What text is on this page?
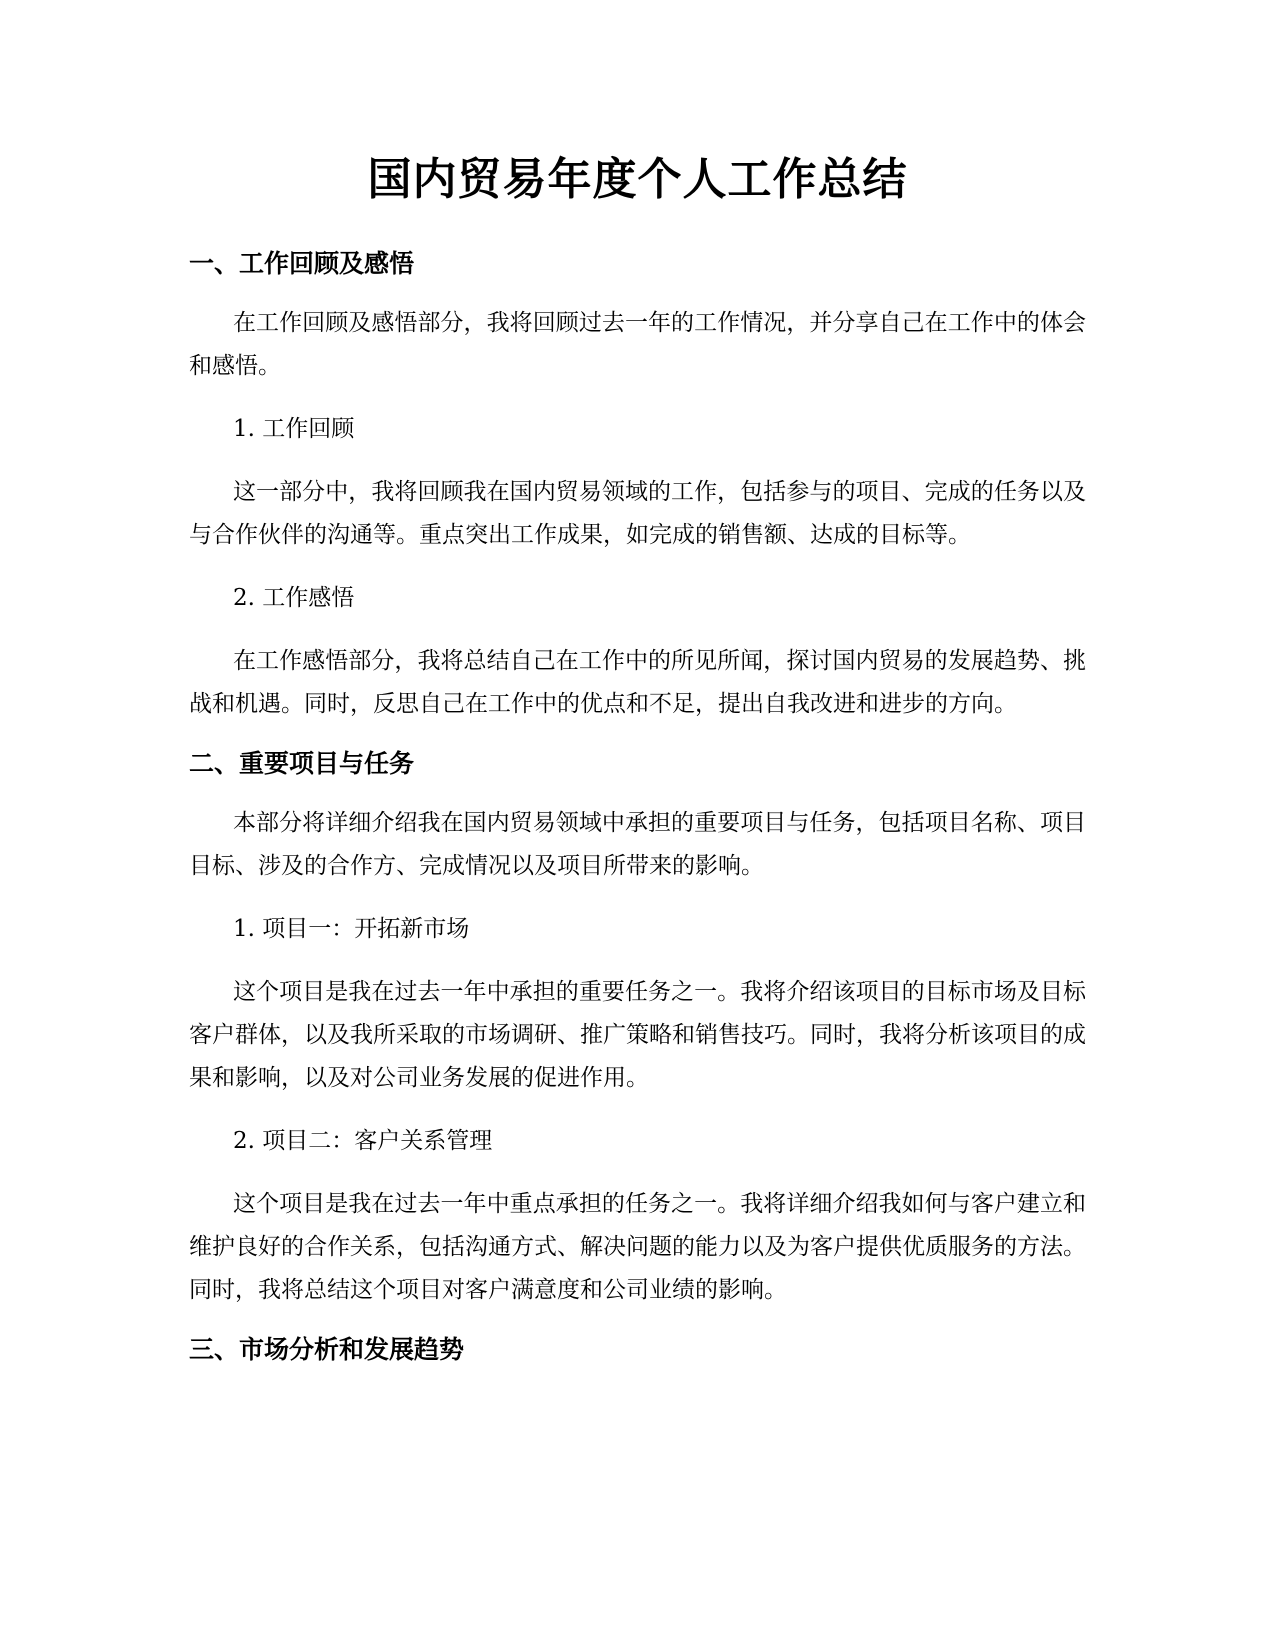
国内贸易年度个人工作总结
一、工作回顾及感悟

在工作回顾及感悟部分，我将回顾过去一年的工作情况，并分享自己在工作中的体会和感悟。

1. 工作回顾

这一部分中，我将回顾我在国内贸易领域的工作，包括参与的项目、完成的任务以及与合作伙伴的沟通等。重点突出工作成果，如完成的销售额、达成的目标等。

2. 工作感悟

在工作感悟部分，我将总结自己在工作中的所见所闻，探讨国内贸易的发展趋势、挑战和机遇。同时，反思自己在工作中的优点和不足，提出自我改进和进步的方向。

二、重要项目与任务

本部分将详细介绍我在国内贸易领域中承担的重要项目与任务，包括项目名称、项目目标、涉及的合作方、完成情况以及项目所带来的影响。

1. 项目一：开拓新市场

这个项目是我在过去一年中承担的重要任务之一。我将介绍该项目的目标市场及目标客户群体，以及我所采取的市场调研、推广策略和销售技巧。同时，我将分析该项目的成果和影响，以及对公司业务发展的促进作用。

2. 项目二：客户关系管理

这个项目是我在过去一年中重点承担的任务之一。我将详细介绍我如何与客户建立和维护良好的合作关系，包括沟通方式、解决问题的能力以及为客户提供优质服务的方法。同时，我将总结这个项目对客户满意度和公司业绩的影响。

三、市场分析和发展趋势
